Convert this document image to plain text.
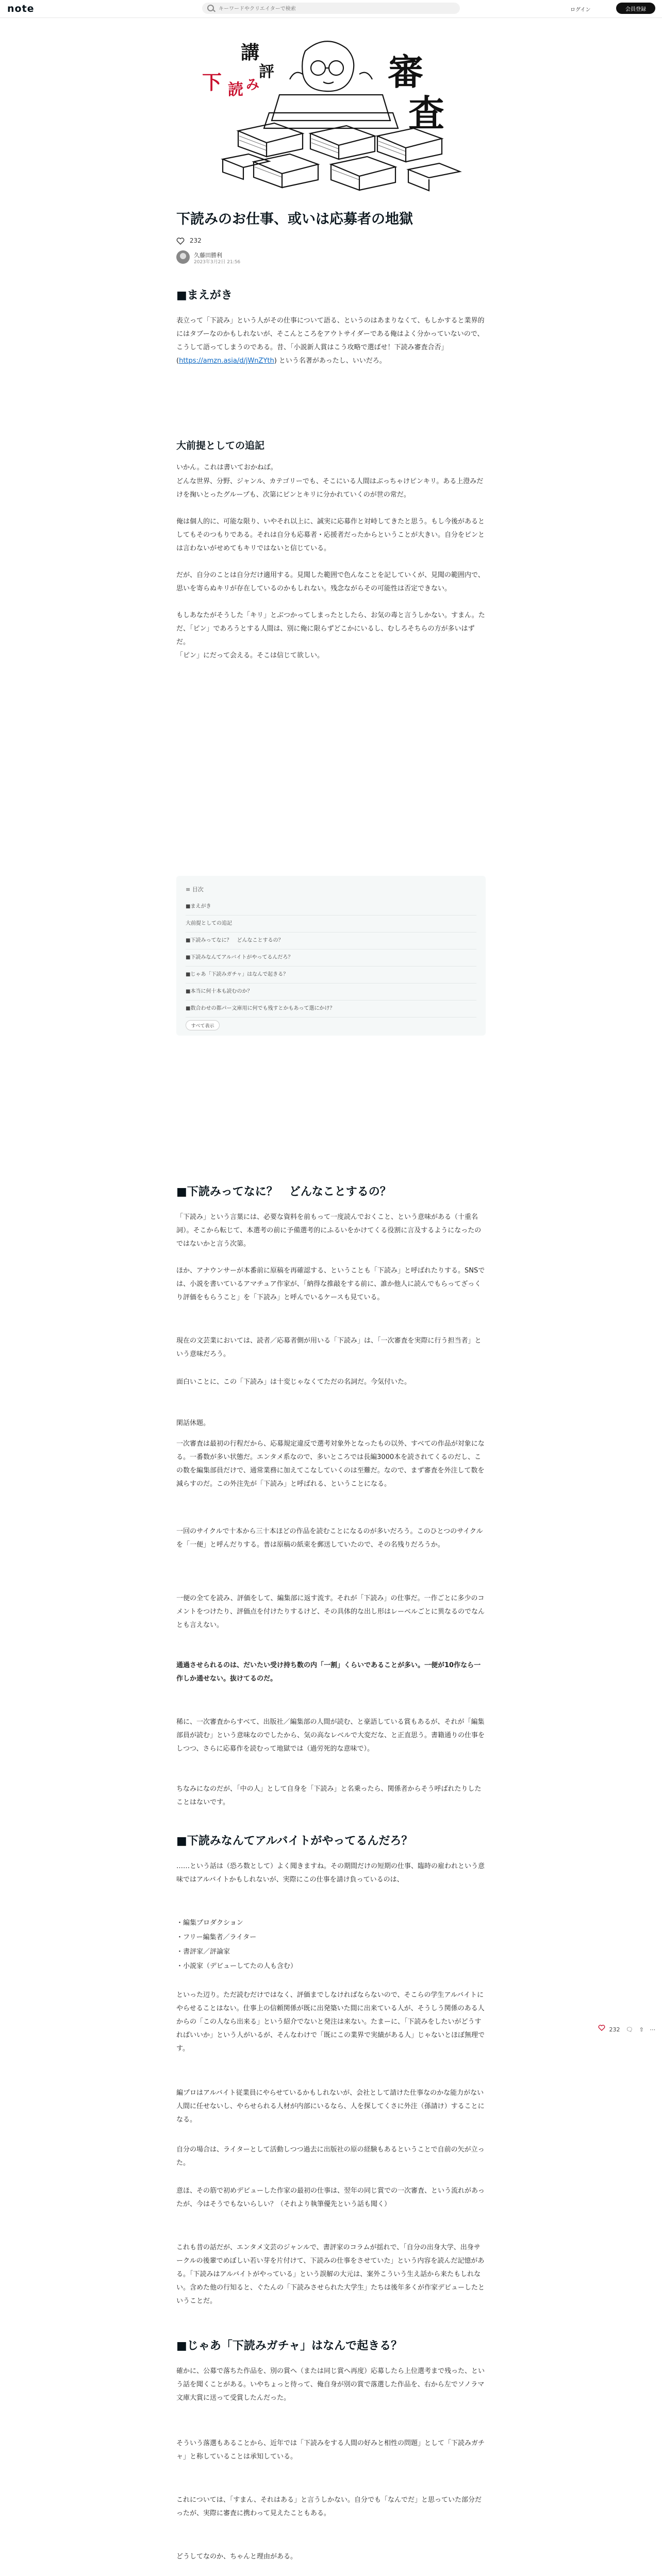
note
キーワードやクリエイターで検索	ログイン	会員登録
審
査
講
評
下 読 み
下読みのお仕事、或いは応募者の地獄
232
久藤田勝利
2023年3月2日 21:56
■まえがき

表立って「下読み」という人がその仕事について語る、というのはあまりなくて、もしかすると業界的にはタブーなのかもしれないが、そこんところをアウトサイダーである俺はよく分かっていないので、こうして語ってしまうのである。昔、「小説新人賞はこう攻略で選ばせ！下読み審査合否」(https://amzn.asia/d/jWnZYth) という名著があったし、いいだろ。

大前提としての追記

いかん。これは書いておかねば。

どんな世界、分野、ジャンル、カテゴリーでも、そこにいる人間はぶっちゃけピンキリ。ある上澄みだけを掬いとったグループも、次第にピンとキリに分かれていくのが世の常だ。

俺は個人的に、可能な限り、いやそれ以上に、誠実に応募作と対峙してきたと思う。もし今後があるとしてもそのつもりである。それは自分も応募者・応援者だったからということが大きい。自分をピンとは言わないがせめてもキリではないと信じている。

だが、自分のことは自分だけ適用する。見聞した範囲で色んなことを記していくが、見聞の範囲内で、思いを寄らぬキリが存在しているのかもしれない。残念ながらその可能性は否定できない。

もしあなたがそうした「キリ」とぶつかってしまったとしたら、お気の毒と言うしかない。すまん。ただ、「ピン」であろうとする人間は、別に俺に限らずどこかにいるし、むしろそちらの方が多いはずだ。

「ピン」にだって会える。そこは信じて欲しい。

≡ 目次
■まえがき
大前提としての追記
■下読みってなに？　どんなことするの？
■下読みなんてアルバイトがやってるんだろ？
■じゃあ「下読みガチャ」はなんで起きる？
■本当に何十本も読むのか？
■数合わせの都パー文庫用に何でも残すとかもあって選にかけ？
すべて表示
■下読みってなに？　どんなことするの？

「下読み」という言葉には、必要な資料を前もって一度読んでおくこと、という意味がある（十重名詞）。そこから転じて、本選考の前に予備選考的にふるいをかけてくる役割に言及するようになったのではないかと言う次第。

ほか、アナウンサーが本番前に原稿を再確認する、ということも「下読み」と呼ばれたりする。SNSでは、小説を書いているアマチュア作家が、「納得な推敲をする前に、誰か他人に読んでもらってざっくり評価をもらうこと」を「下読み」と呼んでいるケースも見ている。

現在の文芸業においては、読者／応募者側が用いる「下読み」は、「一次審査を実際に行う担当者」という意味だろう。

面白いことに、この「下読み」は十変じゃなくてただの名詞だ。今気付いた。

閑話休題。

一次審査は最初の行程だから、応募規定違反で選考対象外となったもの以外、すべての作品が対象になる。一番数が多い状態だ。エンタメ系なので、多いところでは長編3000本を読されてくるのだし、この数を編集部員だけで、通常業務に加えてこなしていくのは至難だ。なので、まず審査を外注して数を減らすのだ。この外注先が「下読み」と呼ばれる、ということになる。

一回のサイクルで十本から三十本ほどの作品を読むことになるのが多いだろう。このひとつのサイクルを「一便」と呼んだりする。普は原稿の紙束を郵送していたので、その名残りだろうか。

一便の全てを読み、評価をして、編集部に返す流す。それが「下読み」の仕事だ。一作ごとに多少のコメントをつけたり、評価点を付けたりするけど、その具体的な出し形はレーベルごとに異なるのでなんとも言えない。

通過させられるのは、だいたい受け持ち数の内「一割」くらいであることが多い。一便が10作なら一作しか通せない。抜けてるのだ。

稀に、一次審査からすべて、出版社／編集部の人間が読む、と豪語している賞もあるが、それが「編集部員が読む」という意味なのでしたから、気の高なレベルで大変だな、と正直思う。書籍通りの仕事をしつつ、さらに応募作を読むって地獄では（過労死的な意味で）。

ちなみになのだが、「中の人」として自身を「下読み」と名乗ったら、関係者からそう呼ばれたりしたことはないです。

■下読みなんてアルバイトがやってるんだろ？

……という話は（恐ろ数として）よく聞きますね。その期間だけの短期の仕事、臨時の雇われという意味ではアルバイトかもしれないが、実際にこの仕事を請け負っているのは、

・編集プロダクション

・フリー編集者／ライター

・書評家／評論家

・小説家（デビューしてたの人も含む）

といった辺り。ただ読むだけではなく、評価までしなければならないので、そこらの学生アルバイトにやらせることはない。仕事上の信頼関係が既に出発築いた間に出来ている人が、そうしう関係のある人からの「この人なら出来る」という紹介でないと発注は来ない。たまーに、「下読みをしたいがどうすればいいか」という人がいるが、そんなわけで「既にこの業界で実績がある人」じゃないとほぼ無理です。

編プロはアルバイト従業員にやらせているかもしれないが、会社として請けた仕事なのかな能力がない人間に任せないし、やらせられる人材が内部にいるなら、人を探してくさに外注（孫請け）することになる。

自分の場合は、ライターとして活動しつつ過去に出版社の原の経験もあるということで自前の矢が立った。

意ほ、その筋で初めデビューした作家の最初の仕事は、翌年の同じ賞での一次審査、という流れがあったが、今はそうでもないらしい？（それより執筆優先という話も聞く）

これも昔の話だが、エンタメ文芸のジャンルで、書評家のコラムが揺れで、「自分の出身大学、出身サークルの後輩でめぼしい若い芽を片付けて、下読みの仕事をさせていた」という内容を読んだ記憶がある。「下読みはアルバイトがやっている」という誤解の大元は、案外こういう生え話から来たもしれない。含めた他の行知ると、ぐたんの「下読みさせられた大学生」たちは後年多くが作家デビューしたということだ。

■じゃあ「下読みガチャ」はなんで起きる？

確かに、公募で落ちた作品を、別の賞へ（または同じ賞へ再度）応募したら上位選考まで残った、という話を聞くことがある。いやちょっと待って、俺自身が別の賞で落選した作品を、右から左でソノラマ文庫大賞に送って受賞したんだった。

そういう落選もあることから、近年では「下読みをする人間の好みと相性の問題」として「下読みガチャ」と称していることは承知している。

これについては、「すまん、それはある」と言うしかない。自分でも「なんでだ」と思っていた部分だったが、実際に審査に携わって見えたこともある。

どうしてなのか、ちゃんと理由がある。

232 🗨 ⇧ ⋯
